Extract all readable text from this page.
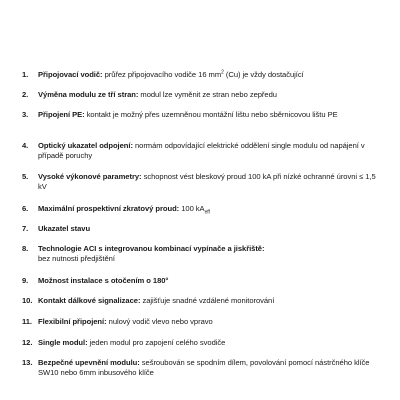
1.	Připojovací vodič: průřez připojovacího vodiče 16 $mm^2$ (Cu) je vždy dostačující
2.	Výměna modulu ze tří stran: modul lze vyměnit ze stran nebo zepředu
3.	Připojení PE: kontakt je možný přes uzemněnou montážní lištu nebo sběrnicovou lištu PE
4.	Optický ukazatel odpojení: normám odpovídající elektrické oddělení single modulu od napájení v případě poruchy
5.	Vysoké výkonové parametry: schopnost vést bleskový proud 100 kA při nízké ochranné úrovni ≤ 1,5 kV
6.	Maximální prospektivní zkratový proud: 100 $kA_{eff}$
7.	Ukazatel stavu
8.	Technologie ACI s integrovanou kombinací vypínače a jiskřiště:
bez nutnosti předjištění
9.	Možnost instalace s otočením o 180°
10. Kontakt dálkové signalizace: zajišťuje snadné vzdálené monitorování
11. Flexibilní připojení: nulový vodič vlevo nebo vpravo
12. Single modul: jeden modul pro zapojení celého svodiče
13. Bezpečné upevnění modulu: sešroubován se spodním dílem, povolování pomocí nástrčného klíče SW10 nebo 6mm inbusového klíče
